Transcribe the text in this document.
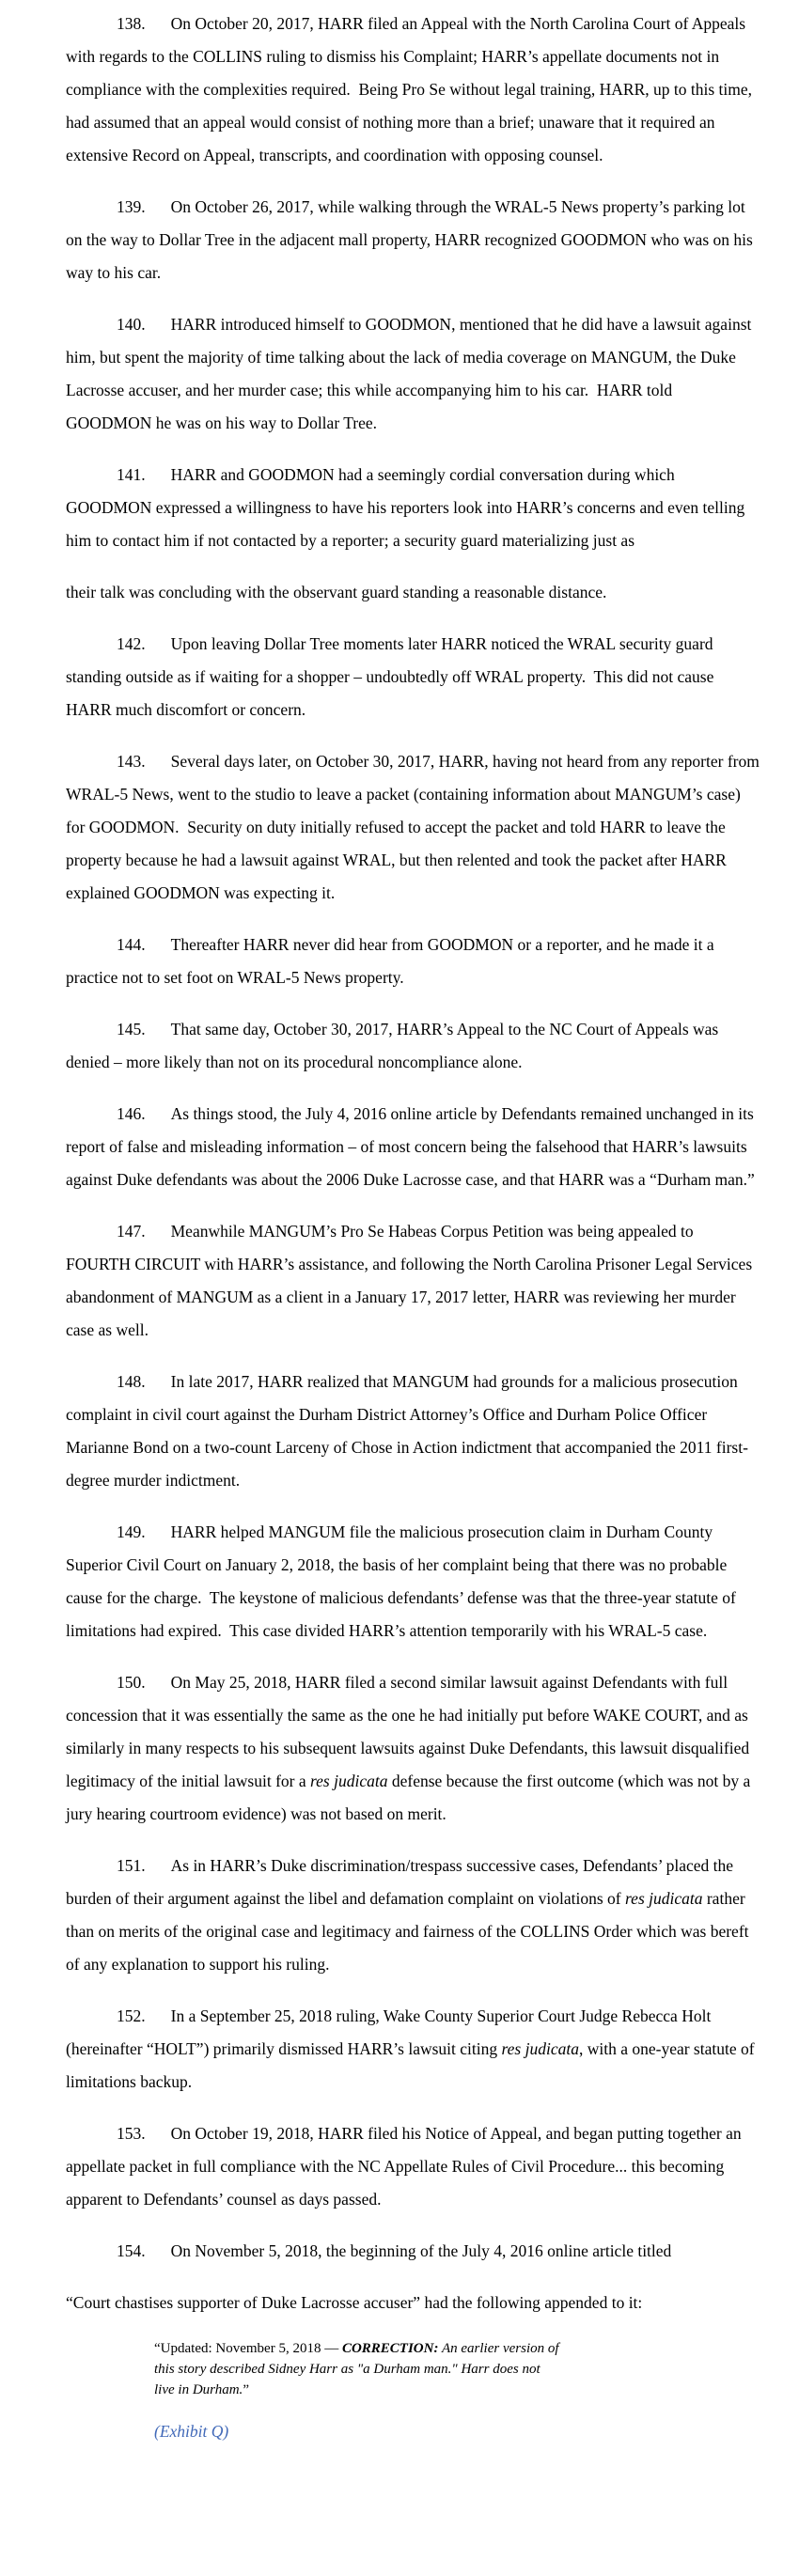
138. On October 20, 2017, HARR filed an Appeal with the North Carolina Court of Appeals with regards to the COLLINS ruling to dismiss his Complaint; HARR’s appellate documents not in compliance with the complexities required.  Being Pro Se without legal training, HARR, up to this time, had assumed that an appeal would consist of nothing more than a brief; unaware that it required an extensive Record on Appeal, transcripts, and coordination with opposing counsel.

139. On October 26, 2017, while walking through the WRAL-5 News property’s parking lot on the way to Dollar Tree in the adjacent mall property, HARR recognized GOODMON who was on his way to his car.

140. HARR introduced himself to GOODMON, mentioned that he did have a lawsuit against him, but spent the majority of time talking about the lack of media coverage on MANGUM, the Duke Lacrosse accuser, and her murder case; this while accompanying him to his car.  HARR told GOODMON he was on his way to Dollar Tree.

141. HARR and GOODMON had a seemingly cordial conversation during which GOODMON expressed a willingness to have his reporters look into HARR’s concerns and even telling him to contact him if not contacted by a reporter; a security guard materializing just as

their talk was concluding with the observant guard standing a reasonable distance.

142. Upon leaving Dollar Tree moments later HARR noticed the WRAL security guard standing outside as if waiting for a shopper – undoubtedly off WRAL property.  This did not cause HARR much discomfort or concern.

143. Several days later, on October 30, 2017, HARR, having not heard from any reporter from WRAL-5 News, went to the studio to leave a packet (containing information about MANGUM’s case) for GOODMON.  Security on duty initially refused to accept the packet and told HARR to leave the property because he had a lawsuit against WRAL, but then relented and took the packet after HARR explained GOODMON was expecting it.

144. Thereafter HARR never did hear from GOODMON or a reporter, and he made it a practice not to set foot on WRAL-5 News property.

145. That same day, October 30, 2017, HARR’s Appeal to the NC Court of Appeals was denied – more likely than not on its procedural noncompliance alone.

146. As things stood, the July 4, 2016 online article by Defendants remained unchanged in its report of false and misleading information – of most concern being the falsehood that HARR’s lawsuits against Duke defendants was about the 2006 Duke Lacrosse case, and that HARR was a “Durham man.”

147. Meanwhile MANGUM’s Pro Se Habeas Corpus Petition was being appealed to FOURTH CIRCUIT with HARR’s assistance, and following the North Carolina Prisoner Legal Services abandonment of MANGUM as a client in a January 17, 2017 letter, HARR was reviewing her murder case as well.

148. In late 2017, HARR realized that MANGUM had grounds for a malicious prosecution complaint in civil court against the Durham District Attorney’s Office and Durham Police Officer Marianne Bond on a two-count Larceny of Chose in Action indictment that accompanied the 2011 first-degree murder indictment.

149. HARR helped MANGUM file the malicious prosecution claim in Durham County Superior Civil Court on January 2, 2018, the basis of her complaint being that there was no probable cause for the charge.  The keystone of malicious defendants’ defense was that the three-year statute of limitations had expired.  This case divided HARR’s attention temporarily with his WRAL-5 case.

150. On May 25, 2018, HARR filed a second similar lawsuit against Defendants with full concession that it was essentially the same as the one he had initially put before WAKE COURT, and as similarly in many respects to his subsequent lawsuits against Duke Defendants, this lawsuit disqualified legitimacy of the initial lawsuit for a res judicata defense because the first outcome (which was not by a jury hearing courtroom evidence) was not based on merit.

151. As in HARR’s Duke discrimination/trespass successive cases, Defendants’ placed the burden of their argument against the libel and defamation complaint on violations of res judicata rather than on merits of the original case and legitimacy and fairness of the COLLINS Order which was bereft of any explanation to support his ruling.

152. In a September 25, 2018 ruling, Wake County Superior Court Judge Rebecca Holt (hereinafter “HOLT”) primarily dismissed HARR’s lawsuit citing res judicata, with a one-year statute of limitations backup.

153. On October 19, 2018, HARR filed his Notice of Appeal, and began putting together an appellate packet in full compliance with the NC Appellate Rules of Civil Procedure... this becoming apparent to Defendants’ counsel as days passed.

154. On November 5, 2018, the beginning of the July 4, 2016 online article titled

“Court chastises supporter of Duke Lacrosse accuser” had the following appended to it:

“Updated: November 5, 2018 — CORRECTION: An earlier version of this story described Sidney Harr as "a Durham man." Harr does not live in Durham.”
(Exhibit Q)
